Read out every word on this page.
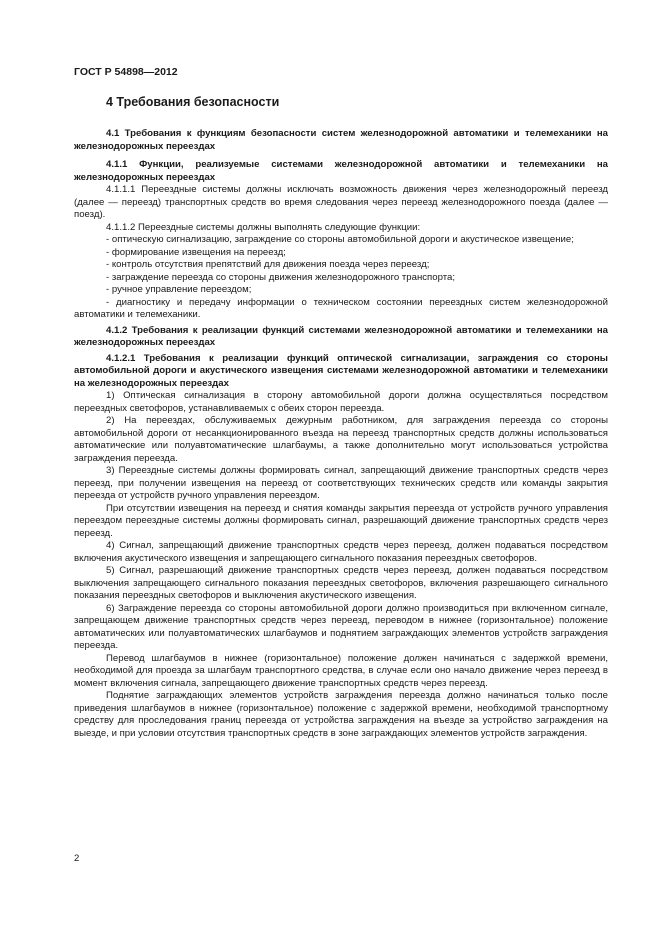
ГОСТ Р 54898—2012
4 Требования безопасности

4.1 Требования к функциям безопасности систем железнодорожной автоматики и телемеханики на железнодорожных переездах

4.1.1 Функции, реализуемые системами железнодорожной автоматики и телемеханики на железнодорожных переездах

4.1.1.1 Переездные системы должны исключать возможность движения через железнодорожный переезд (далее — переезд) транспортных средств во время следования через переезд железнодорожного поезда (далее — поезд).

4.1.1.2 Переездные системы должны выполнять следующие функции:

- оптическую сигнализацию, заграждение со стороны автомобильной дороги и акустическое извещение;

- формирование извещения на переезд;

- контроль отсутствия препятствий для движения поезда через переезд;

- заграждение переезда со стороны движения железнодорожного транспорта;

- ручное управление переездом;

- диагностику и передачу информации о техническом состоянии переездных систем железнодорожной автоматики и телемеханики.

4.1.2 Требования к реализации функций системами железнодорожной автоматики и телемеханики на железнодорожных переездах

4.1.2.1 Требования к реализации функций оптической сигнализации, заграждения со стороны автомобильной дороги и акустического извещения системами железнодорожной автоматики и телемеханики на железнодорожных переездах

1) Оптическая сигнализация в сторону автомобильной дороги должна осуществляться посредством переездных светофоров, устанавливаемых с обеих сторон переезда.

2) На переездах, обслуживаемых дежурным работником, для заграждения переезда со стороны автомобильной дороги от несанкционированного въезда на переезд транспортных средств должны использоваться автоматические или полуавтоматические шлагбаумы, а также дополнительно могут использоваться устройства заграждения переезда.

3) Переездные системы должны формировать сигнал, запрещающий движение транспортных средств через переезд, при получении извещения на переезд от соответствующих технических средств или команды закрытия переезда от устройств ручного управления переездом.

При отсутствии извещения на переезд и снятия команды закрытия переезда от устройств ручного управления переездом переездные системы должны формировать сигнал, разрешающий движение транспортных средств через переезд.

4) Сигнал, запрещающий движение транспортных средств через переезд, должен подаваться посредством включения акустического извещения и запрещающего сигнального показания переездных светофоров.

5) Сигнал, разрешающий движение транспортных средств через переезд, должен подаваться посредством выключения запрещающего сигнального показания переездных светофоров, включения разрешающего сигнального показания переездных светофоров и выключения акустического извещения.

6) Заграждение переезда со стороны автомобильной дороги должно производиться при включенном сигнале, запрещающем движение транспортных средств через переезд, переводом в нижнее (горизонтальное) положение автоматических или полуавтоматических шлагбаумов и поднятием заграждающих элементов устройств заграждения переезда.

Перевод шлагбаумов в нижнее (горизонтальное) положение должен начинаться с задержкой времени, необходимой для проезда за шлагбаум транспортного средства, в случае если оно начало движение через переезд в момент включения сигнала, запрещающего движение транспортных средств через переезд.

Поднятие заграждающих элементов устройств заграждения переезда должно начинаться только после приведения шлагбаумов в нижнее (горизонтальное) положение с задержкой времени, необходимой транспортному средству для проследования границ переезда от устройства заграждения на въезде за устройство заграждения на выезде, и при условии отсутствия транспортных средств в зоне заграждающих элементов устройств заграждения.

2
